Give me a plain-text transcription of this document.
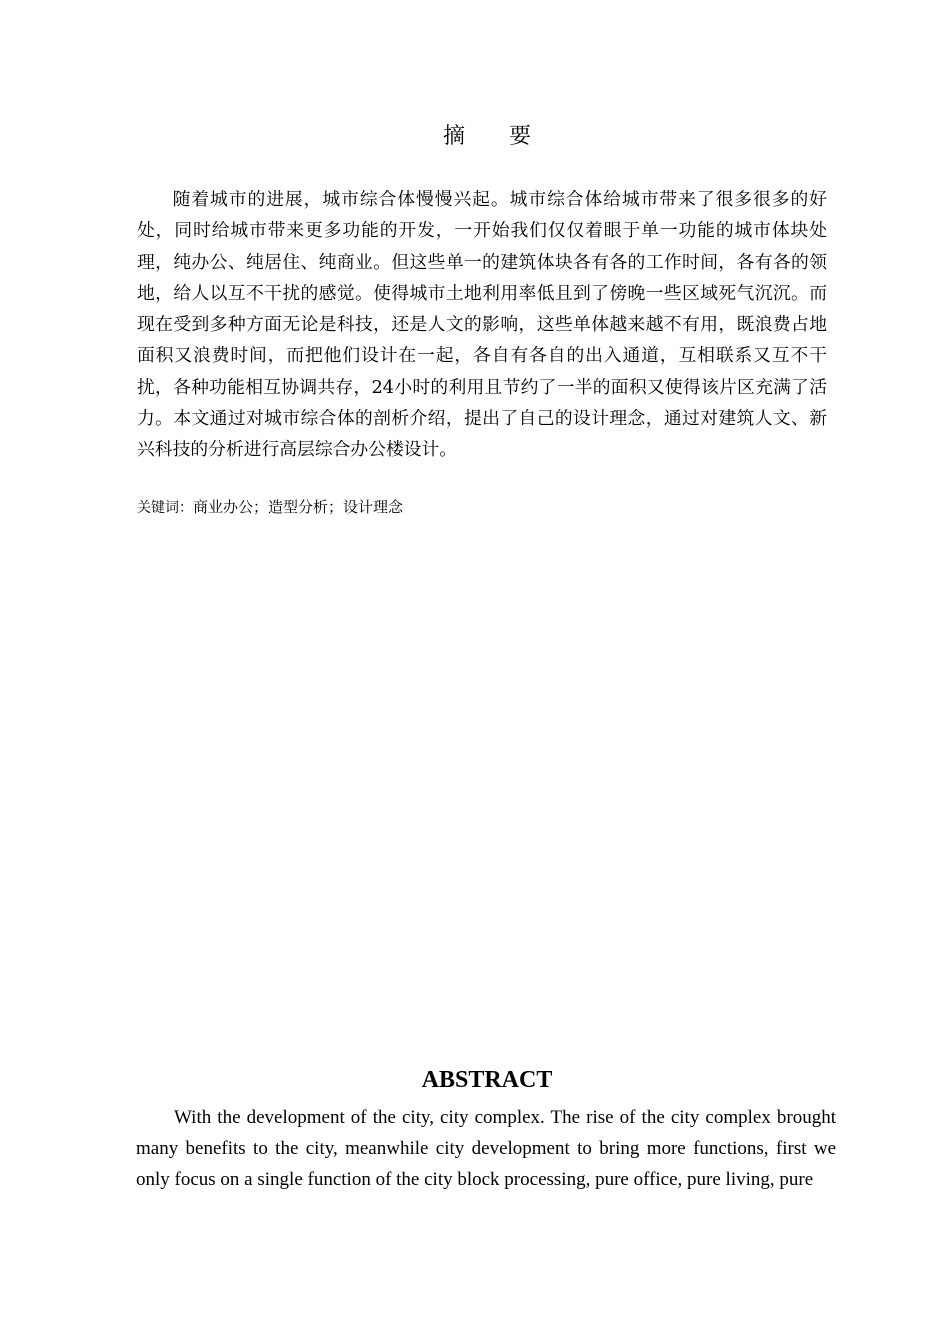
摘 要

随着城市的进展，城市综合体慢慢兴起。城市综合体给城市带来了很多很多的好处，同时给城市带来更多功能的开发，一开始我们仅仅着眼于单一功能的城市体块处理，纯办公、纯居住、纯商业。但这些单一的建筑体块各有各的工作时间，各有各的领地，给人以互不干扰的感觉。使得城市土地利用率低且到了傍晚一些区域死气沉沉。而现在受到多种方面无论是科技，还是人文的影响，这些单体越来越不有用，既浪费占地面积又浪费时间，而把他们设计在一起，各自有各自的出入通道，互相联系又互不干扰，各种功能相互协调共存，24小时的利用且节约了一半的面积又使得该片区充满了活力。本文通过对城市综合体的剖析介绍，提出了自己的设计理念，通过对建筑人文、新兴科技的分析进行高层综合办公楼设计。

关键词：商业办公；造型分析；设计理念
ABSTRACT

With the development of the city, city complex. The rise of the city complex brought many benefits to the city, meanwhile city development to bring more functions, first we only focus on a single function of the city block processing, pure office, pure living, pure
